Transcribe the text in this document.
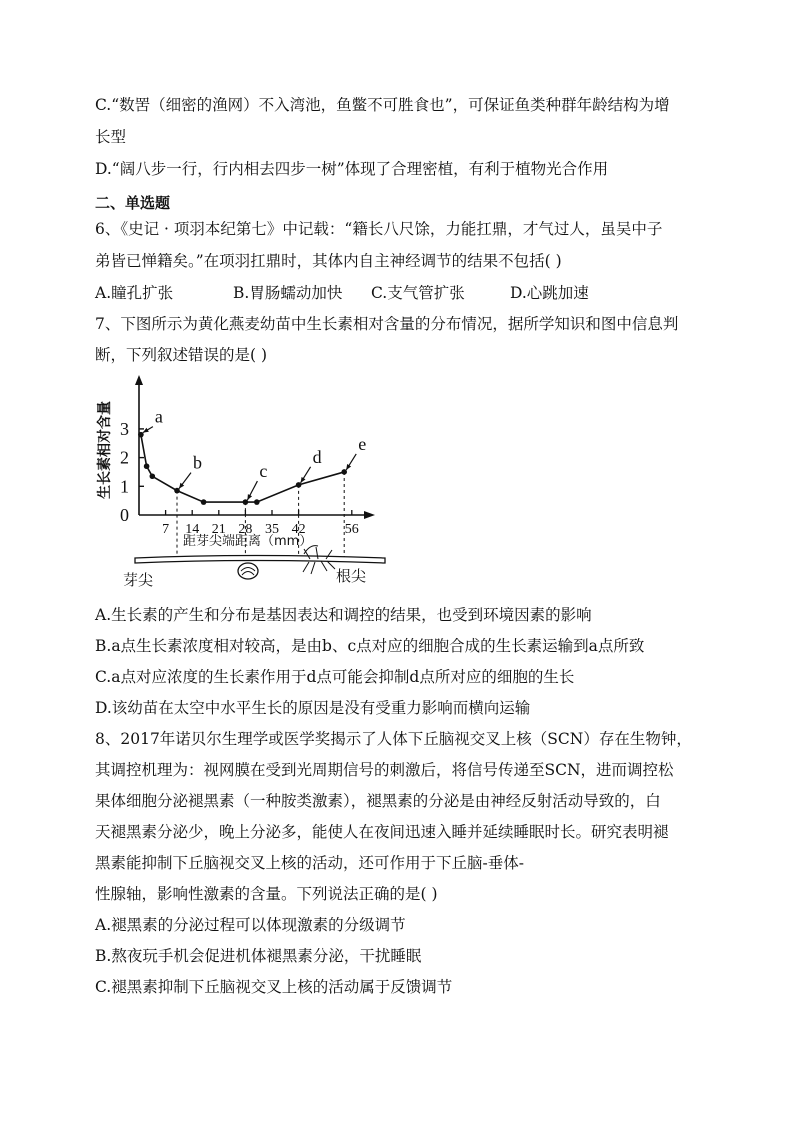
C.“数罟（细密的渔网）不入湾池，鱼鳖不可胜食也”，可保证鱼类种群年龄结构为增
长型
D.“阔八步一行，行内相去四步一树”体现了合理密植，有利于植物光合作用
二、单选题
6、《史记 · 项羽本纪第七》中记载：“籍长八尺馀，力能扛鼎，才气过人，虽吴中子
弟皆已惮籍矣。”在项羽扛鼎时，其体内自主神经调节的结果不包括( )
A.瞳孔扩张	B.胃肠蠕动加快 C.支气管扩张	D.心跳加速
7、下图所示为黄化燕麦幼苗中生长素相对含量的分布情况，据所学知识和图中信息判
断，下列叙述错误的是( )
0
1
2
3
7 14 21 28 35 42	56
a
b	c
d
e
生长素相对含量
距芽尖端距离（mm）
芽尖	根尖
A.生长素的产生和分布是基因表达和调控的结果，也受到环境因素的影响
B.a点生长素浓度相对较高，是由b、c点对应的细胞合成的生长素运输到a点所致
C.a点对应浓度的生长素作用于d点可能会抑制d点所对应的细胞的生长
D.该幼苗在太空中水平生长的原因是没有受重力影响而横向运输
8、2017年诺贝尔生理学或医学奖揭示了人体下丘脑视交叉上核（SCN）存在生物钟，
其调控机理为：视网膜在受到光周期信号的刺激后，将信号传递至SCN，进而调控松
果体细胞分泌褪黑素（一种胺类激素），褪黑素的分泌是由神经反射活动导致的，白
天褪黑素分泌少，晚上分泌多，能使人在夜间迅速入睡并延续睡眠时长。研究表明褪
黑素能抑制下丘脑视交叉上核的活动，还可作用于下丘脑-垂体-
性腺轴，影响性激素的含量。下列说法正确的是( )
A.褪黑素的分泌过程可以体现激素的分级调节
B.熬夜玩手机会促进机体褪黑素分泌，干扰睡眠
C.褪黑素抑制下丘脑视交叉上核的活动属于反馈调节
